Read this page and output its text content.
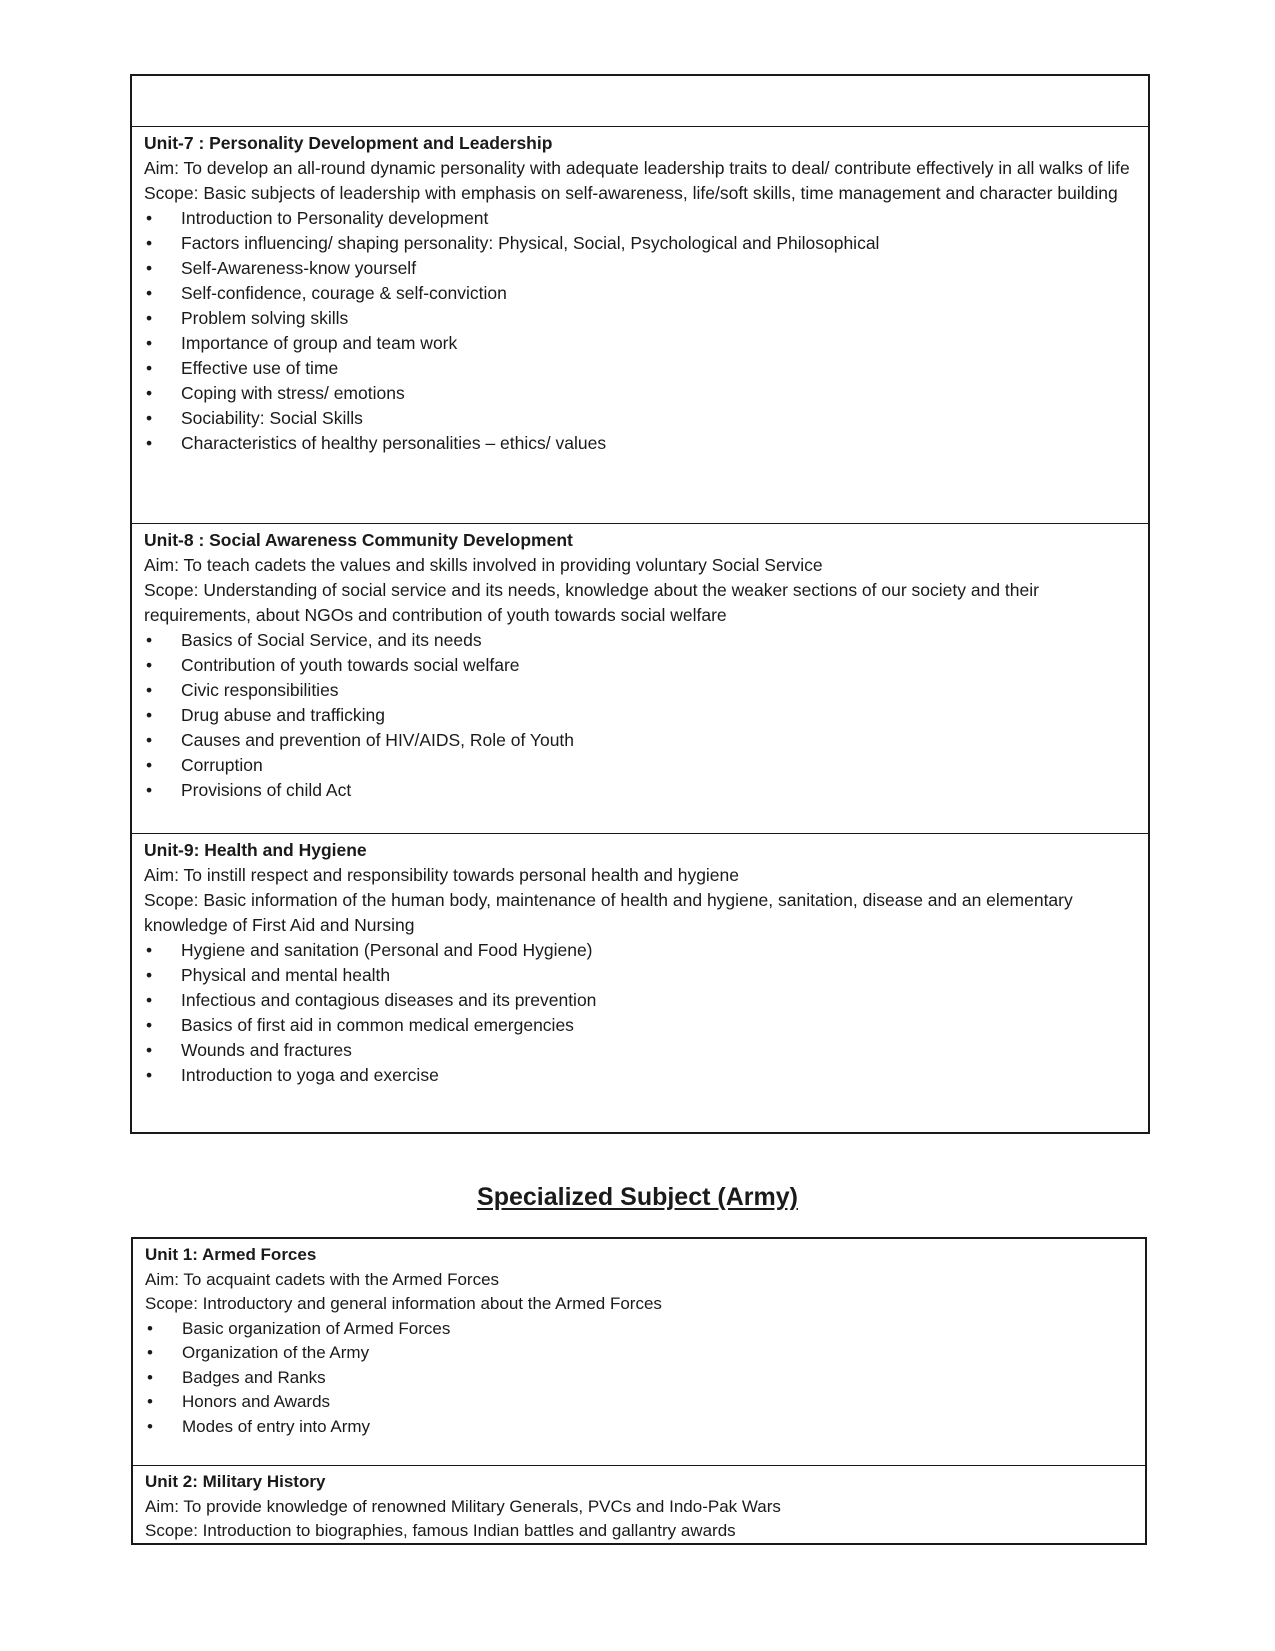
Unit-7 : Personality Development and Leadership
Aim: To develop an all-round dynamic personality with adequate leadership traits to deal/ contribute effectively in all walks of life
Scope: Basic subjects of leadership with emphasis on self-awareness, life/soft skills, time management and character building
•	Introduction to Personality development
•	Factors influencing/ shaping personality: Physical, Social, Psychological and Philosophical
•	Self-Awareness-know yourself
•	Self-confidence, courage & self-conviction
•	Problem solving skills
•	Importance of group and team work
•	Effective use of time
•	Coping with stress/ emotions
•	Sociability: Social Skills
•	Characteristics of healthy personalities – ethics/ values
Unit-8 : Social Awareness Community Development
Aim: To teach cadets the values and skills involved in providing voluntary Social Service
Scope: Understanding of social service and its needs, knowledge about the weaker sections of our society and their requirements, about NGOs and contribution of youth towards social welfare
•	Basics of Social Service, and its needs
•	Contribution of youth towards social welfare
•	Civic responsibilities
•	Drug abuse and trafficking
•	Causes and prevention of HIV/AIDS, Role of Youth
•	Corruption
•	Provisions of child Act
Unit-9: Health and Hygiene
Aim: To instill respect and responsibility towards personal health and hygiene
Scope: Basic information of the human body, maintenance of health and hygiene, sanitation, disease and an elementary knowledge of First Aid and Nursing
•	Hygiene and sanitation (Personal and Food Hygiene)
•	Physical and mental health
•	Infectious and contagious diseases and its prevention
•	Basics of first aid in common medical emergencies
•	Wounds and fractures
•	Introduction to yoga and exercise
Specialized Subject (Army)
Unit 1: Armed Forces
Aim: To acquaint cadets with the Armed Forces
Scope: Introductory and general information about the Armed Forces
•	Basic organization of Armed Forces
•	Organization of the Army
•	Badges and Ranks
•	Honors and Awards
•	Modes of entry into Army
Unit 2: Military History
Aim: To provide knowledge of renowned Military Generals, PVCs and Indo-Pak Wars
Scope: Introduction to biographies, famous Indian battles and gallantry awards
